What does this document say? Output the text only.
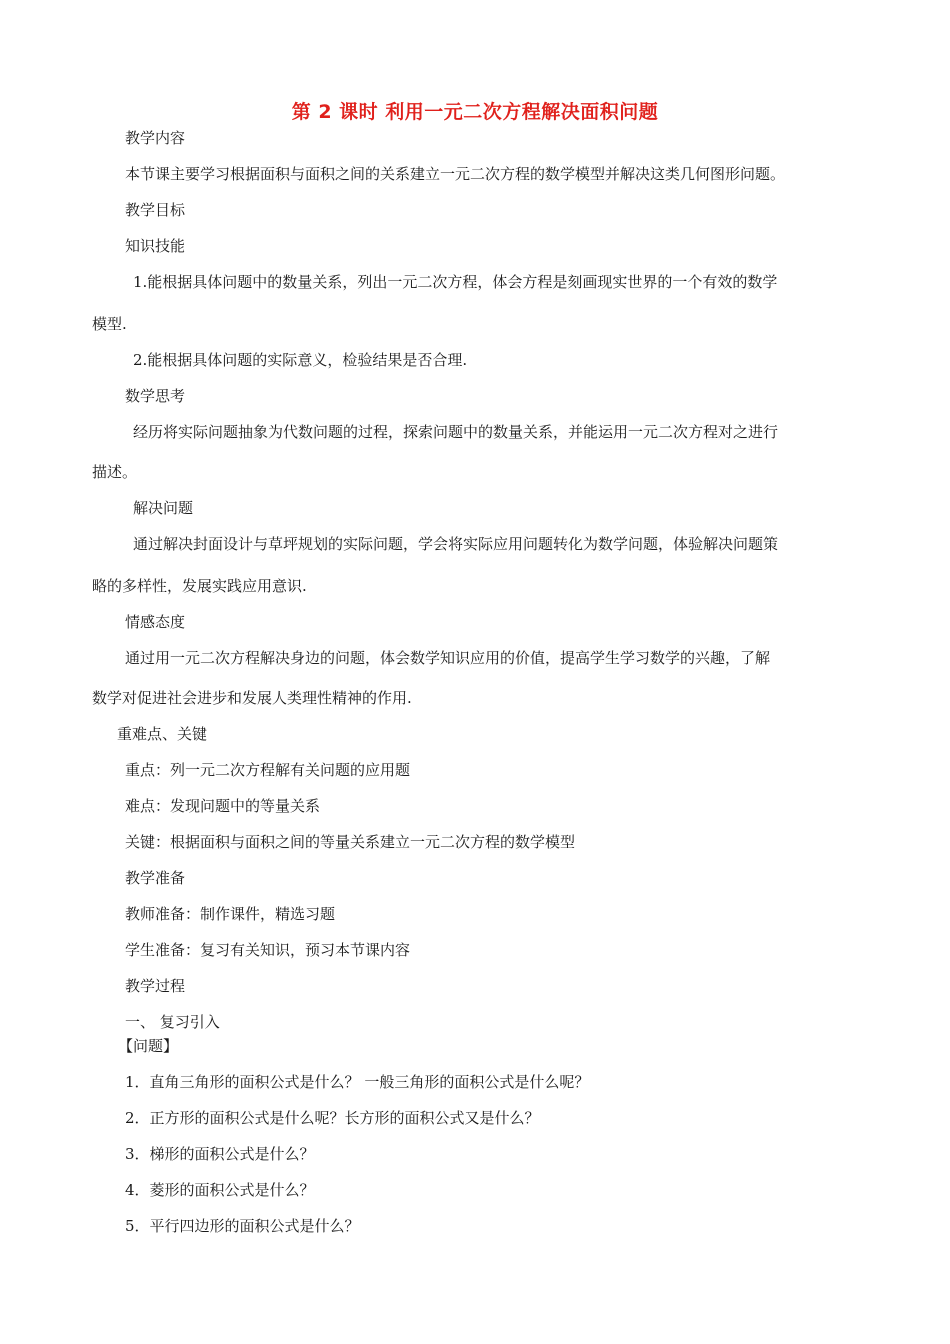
第 2 课时 利用一元二次方程解决面积问题
教学内容
本节课主要学习根据面积与面积之间的关系建立一元二次方程的数学模型并解决这类几何图形问题。
教学目标
知识技能
1.能根据具体问题中的数量关系，列出一元二次方程，体会方程是刻画现实世界的一个有效的数学
模型.
2.能根据具体问题的实际意义，检验结果是否合理.
数学思考
经历将实际问题抽象为代数问题的过程，探索问题中的数量关系，并能运用一元二次方程对之进行
描述。
解决问题
通过解决封面设计与草坪规划的实际问题，学会将实际应用问题转化为数学问题，体验解决问题策
略的多样性，发展实践应用意识.
情感态度
通过用一元二次方程解决身边的问题，体会数学知识应用的价值，提高学生学习数学的兴趣，了解
数学对促进社会进步和发展人类理性精神的作用.
重难点、关键
重点：列一元二次方程解有关问题的应用题
难点：发现问题中的等量关系
关键：根据面积与面积之间的等量关系建立一元二次方程的数学模型
教学准备
教师准备：制作课件，精选习题
学生准备：复习有关知识，预习本节课内容
教学过程
一、 复习引入
【问题】
1．直角三角形的面积公式是什么？ 一般三角形的面积公式是什么呢？
2．正方形的面积公式是什么呢？长方形的面积公式又是什么？
3．梯形的面积公式是什么？
4．菱形的面积公式是什么？
5．平行四边形的面积公式是什么？
